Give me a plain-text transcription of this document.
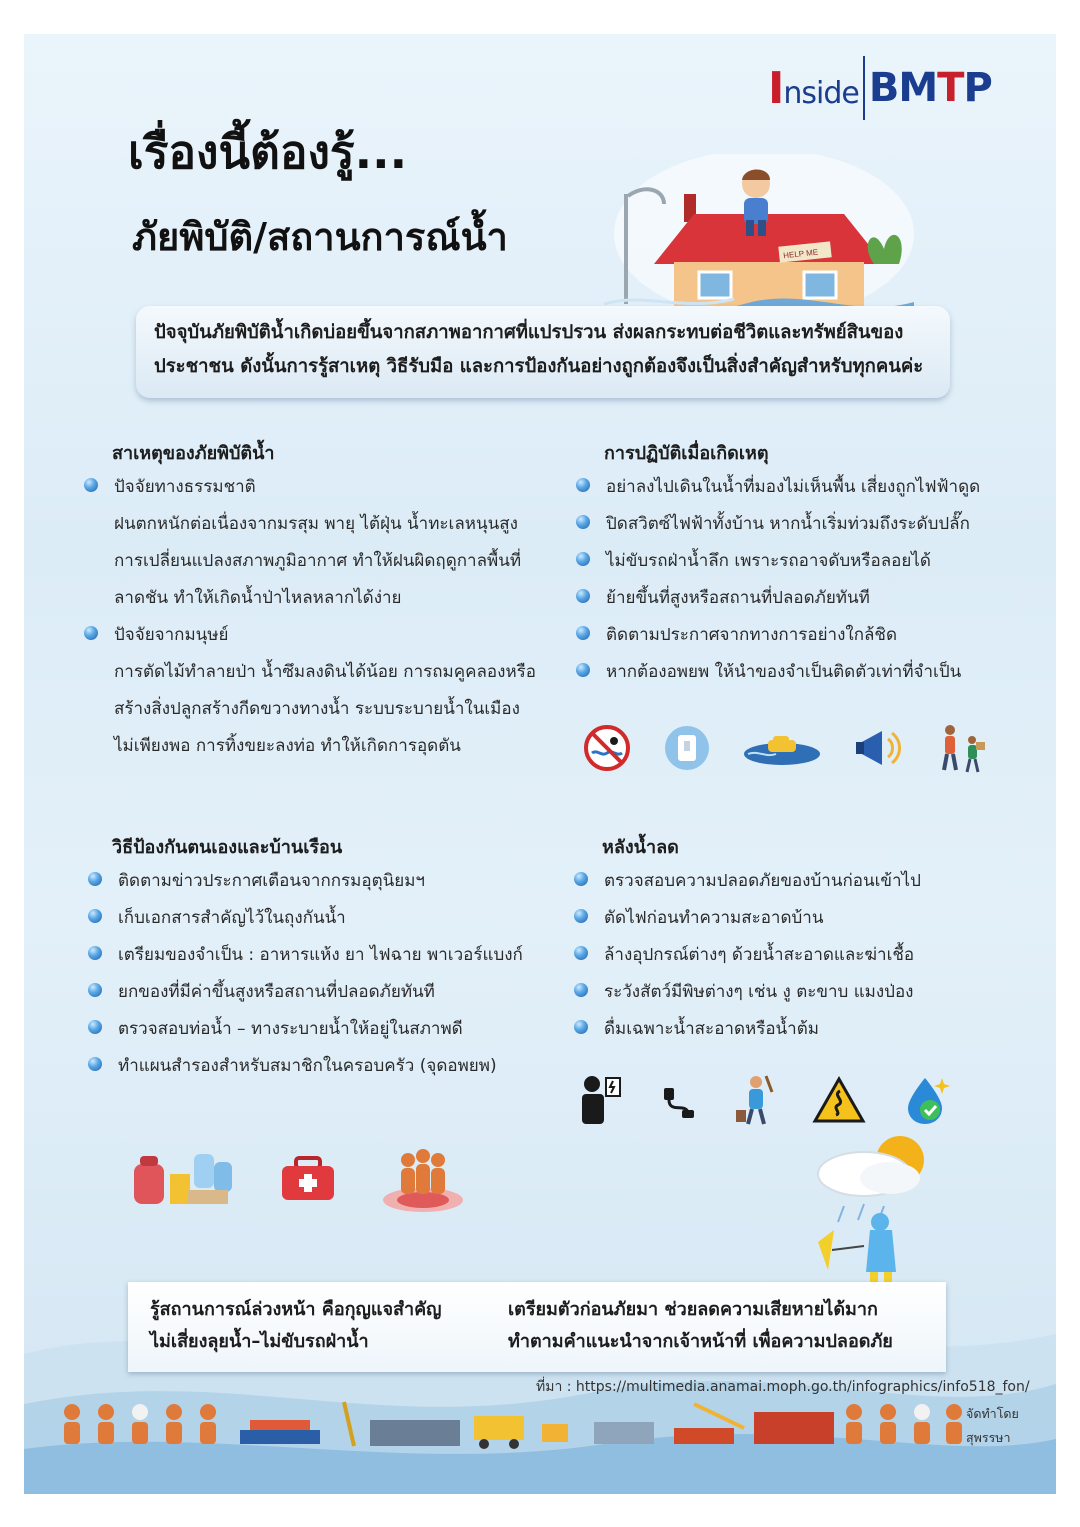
Inside BMTP
เรื่องนี้ต้องรู้...
ภัยพิบัติ/สถานการณ์น้ำ	HELP ME
ปัจจุบันภัยพิบัติน้ำเกิดบ่อยขึ้นจากสภาพอากาศที่แปรปรวน ส่งผลกระทบต่อชีวิตและทรัพย์สินของ
ประชาชน ดังนั้นการรู้สาเหตุ วิธีรับมือ และการป้องกันอย่างถูกต้องจึงเป็นสิ่งสำคัญสำหรับทุกคนค่ะ
สาเหตุของภัยพิบัติน้ำ
ปัจจัยทางธรรมชาติ
ฝนตกหนักต่อเนื่องจากมรสุม พายุ ไต้ฝุ่น น้ำทะเลหนุนสูง
การเปลี่ยนแปลงสภาพภูมิอากาศ ทำให้ฝนผิดฤดูกาลพื้นที่
ลาดชัน ทำให้เกิดน้ำป่าไหลหลากได้ง่าย
ปัจจัยจากมนุษย์
การตัดไม้ทำลายป่า น้ำซึมลงดินได้น้อย การถมคูคลองหรือ
สร้างสิ่งปลูกสร้างกีดขวางทางน้ำ ระบบระบายน้ำในเมือง
ไม่เพียงพอ การทิ้งขยะลงท่อ ทำให้เกิดการอุดตัน
การปฏิบัติเมื่อเกิดเหตุ
อย่าลงไปเดินในน้ำที่มองไม่เห็นพื้น เสี่ยงถูกไฟฟ้าดูด
ปิดสวิตซ์ไฟฟ้าทั้งบ้าน หากน้ำเริ่มท่วมถึงระดับปลั๊ก
ไม่ขับรถฝ่าน้ำลึก เพราะรถอาจดับหรือลอยได้
ย้ายขึ้นที่สูงหรือสถานที่ปลอดภัยทันที
ติดตามประกาศจากทางการอย่างใกล้ชิด
หากต้องอพยพ ให้นำของจำเป็นติดตัวเท่าที่จำเป็น
วิธีป้องกันตนเองและบ้านเรือน
ติดตามข่าวประกาศเตือนจากกรมอุตุนิยมฯ
เก็บเอกสารสำคัญไว้ในถุงกันน้ำ
เตรียมของจำเป็น : อาหารแห้ง ยา ไฟฉาย พาเวอร์แบงก์
ยกของที่มีค่าขึ้นสูงหรือสถานที่ปลอดภัยทันที
ตรวจสอบท่อน้ำ – ทางระบายน้ำให้อยู่ในสภาพดี
ทำแผนสำรองสำหรับสมาชิกในครอบครัว (จุดอพยพ)
หลังน้ำลด
ตรวจสอบความปลอดภัยของบ้านก่อนเข้าไป
ตัดไฟก่อนทำความสะอาดบ้าน
ล้างอุปกรณ์ต่างๆ ด้วยน้ำสะอาดและฆ่าเชื้อ
ระวังสัตว์มีพิษต่างๆ เช่น งู ตะขาบ แมงป่อง
ดื่มเฉพาะน้ำสะอาดหรือน้ำต้ม
รู้สถานการณ์ล่วงหน้า คือกุญแจสำคัญ
ไม่เสี่ยงลุยน้ำ–ไม่ขับรถฝ่าน้ำ
เตรียมตัวก่อนภัยมา ช่วยลดความเสียหายได้มาก
ทำตามคำแนะนำจากเจ้าหน้าที่ เพื่อความปลอดภัย
ที่มา : https://multimedia.anamai.moph.go.th/infographics/info518_fon/
จัดทำโดย
สุพรรษา
